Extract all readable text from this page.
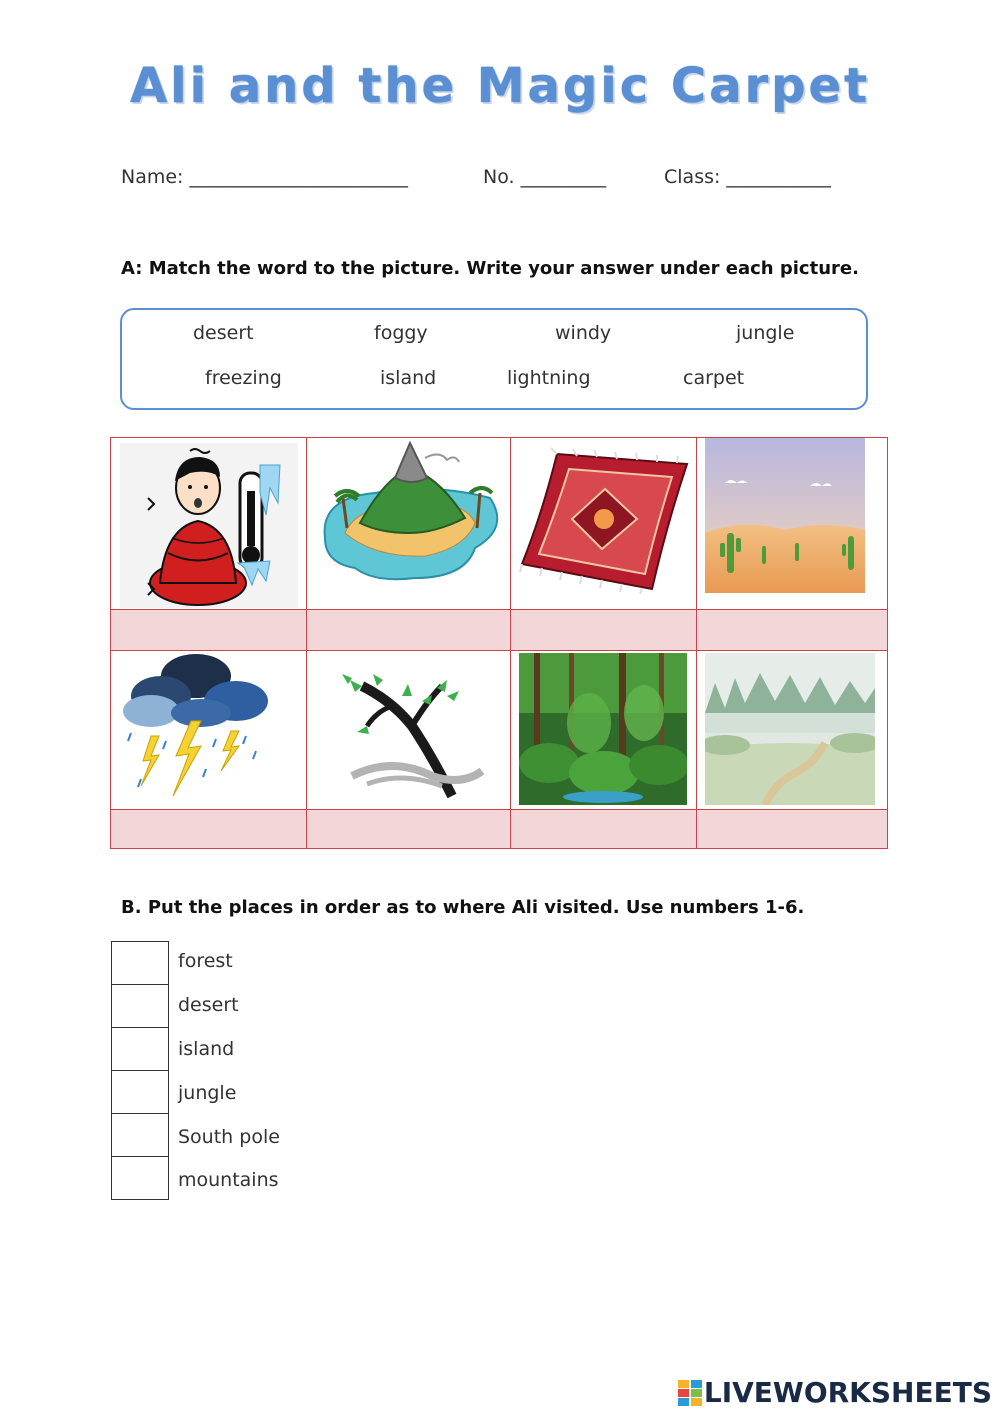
Ali and the Magic Carpet
Name: _______________________	No. _________	Class: ___________
A: Match the word to the picture. Write your answer under each picture.
desert	foggy	windy	jungle
freezing	island	lightning	carpet
B. Put the places in order as to where Ali visited. Use numbers 1-6.
forest
desert
island
jungle
South pole
mountains
LIVEWORKSHEETS
